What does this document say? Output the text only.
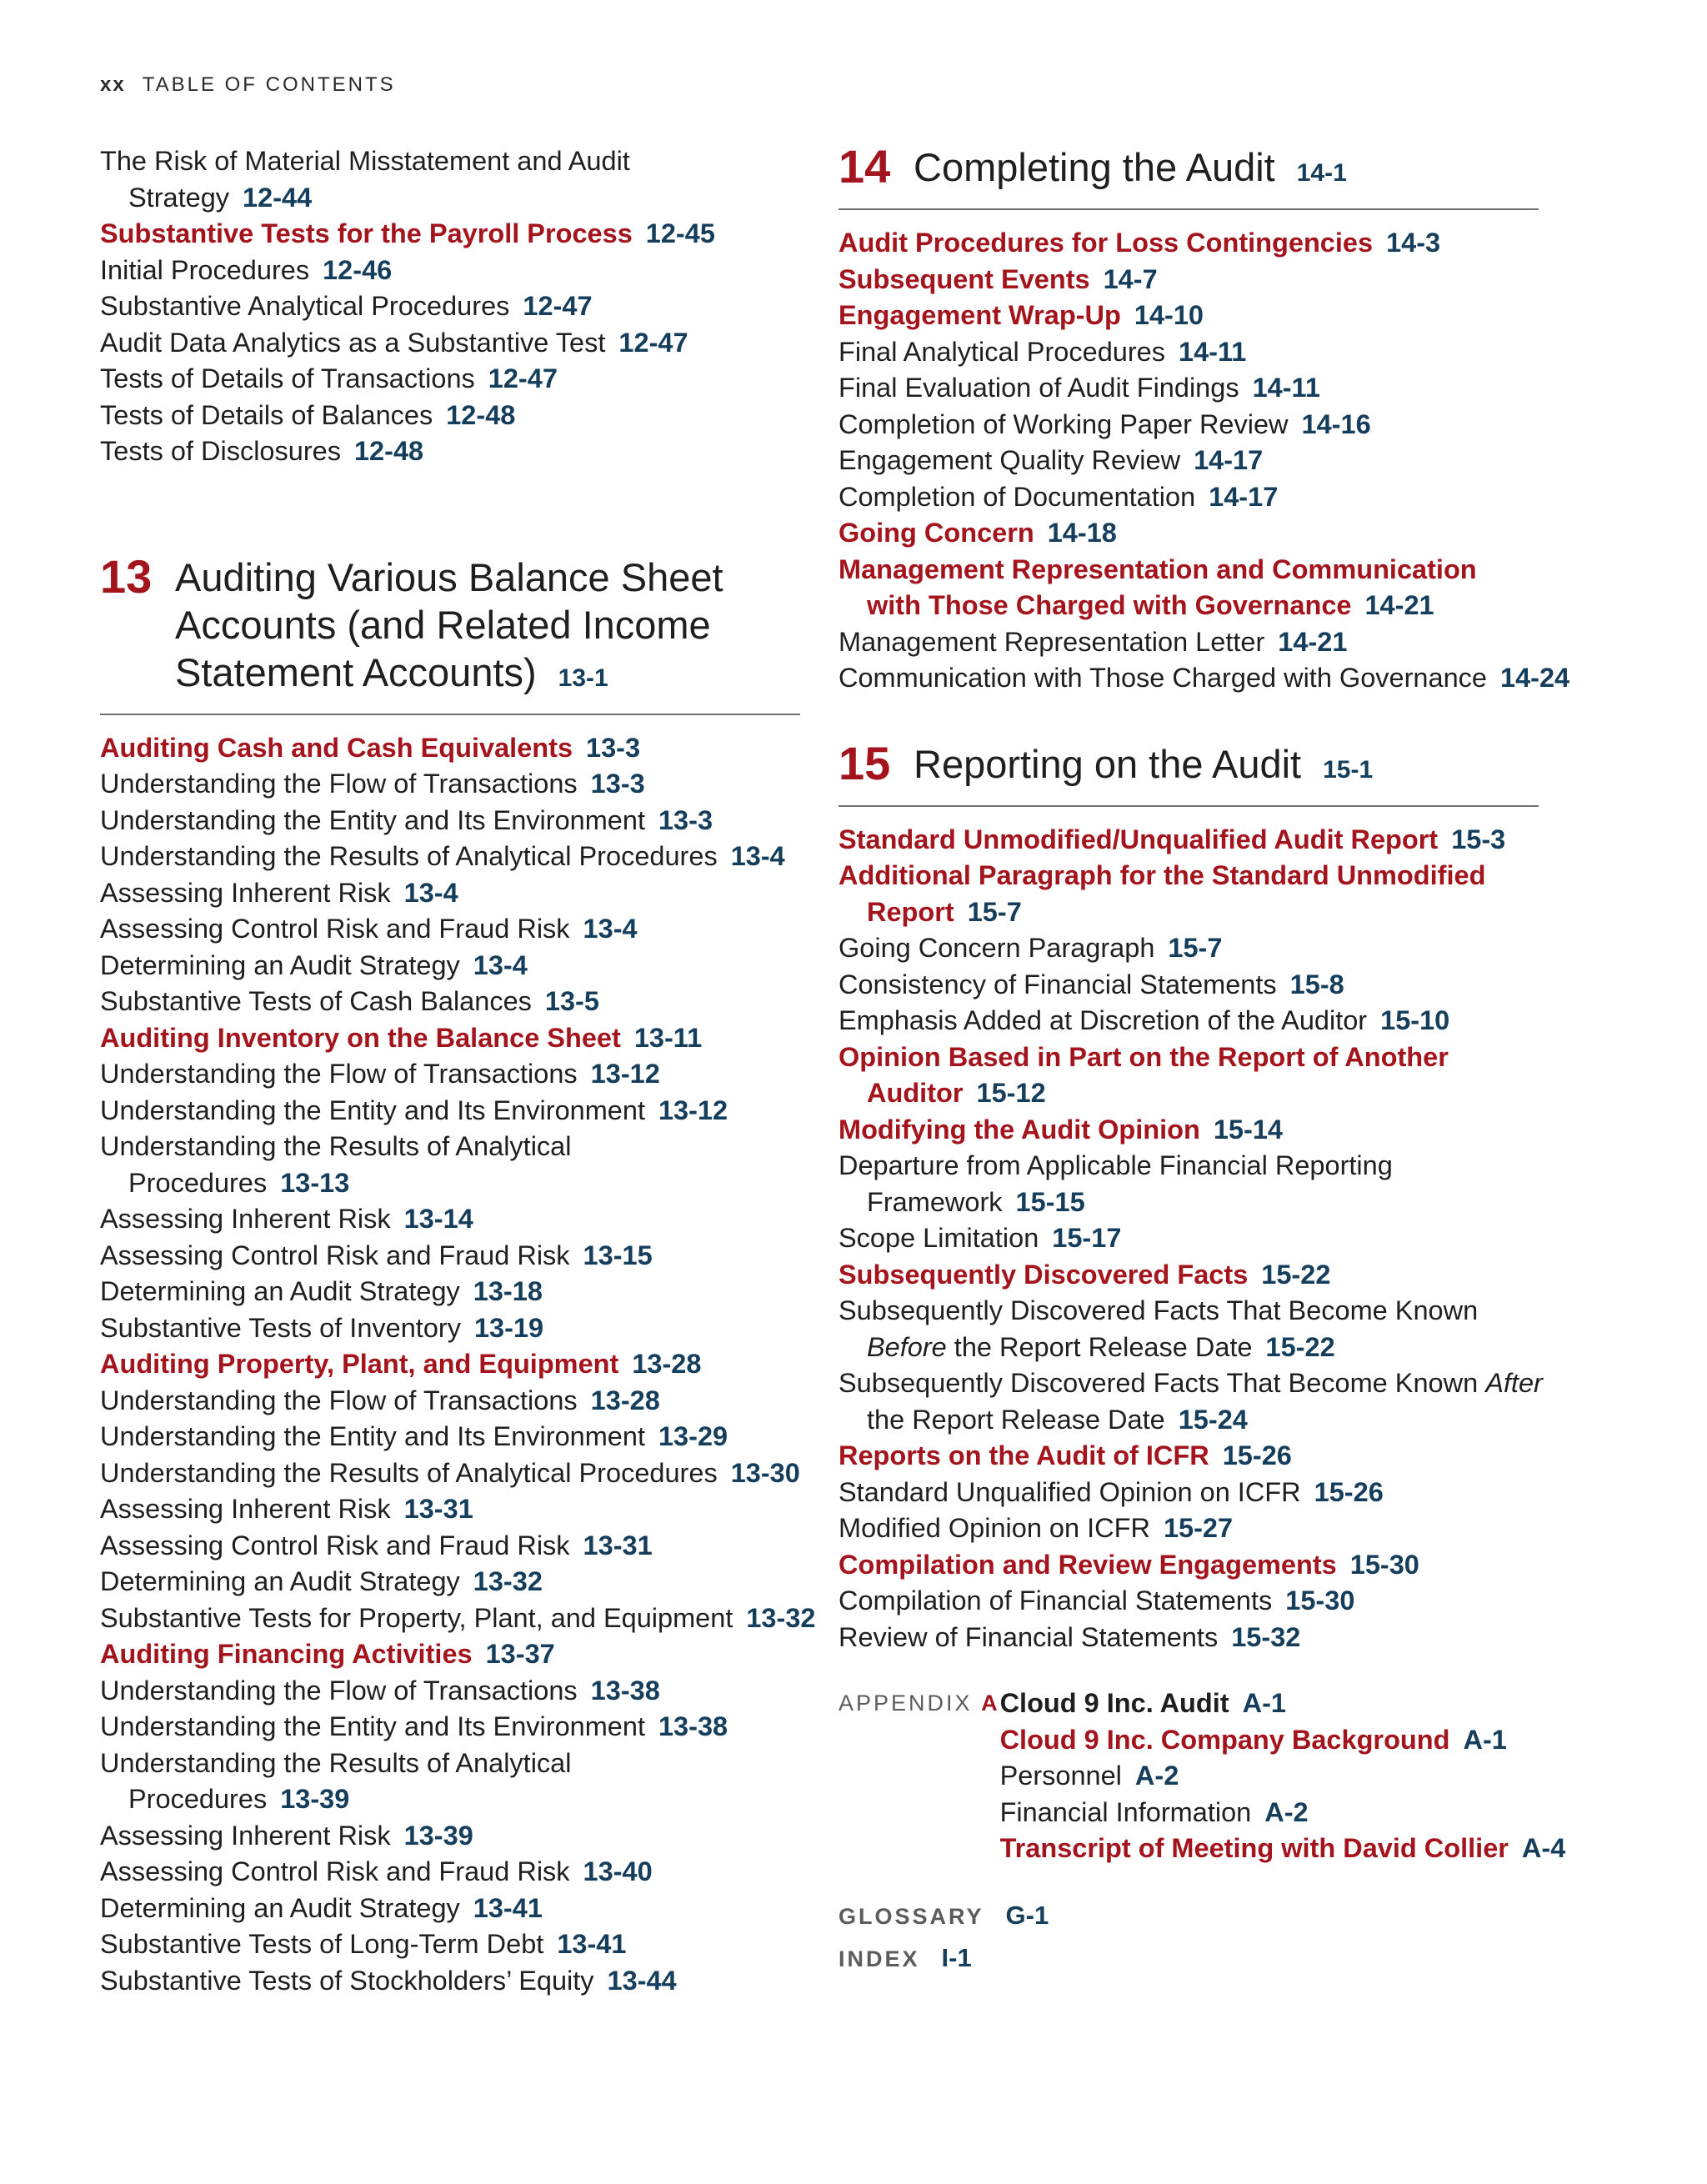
xx TABLE OF CONTENTS
The Risk of Material Misstatement and Audit
Strategy 12-44
Substantive Tests for the Payroll Process 12-45
Initial Procedures 12-46
Substantive Analytical Procedures 12-47
Audit Data Analytics as a Substantive Test 12-47
Tests of Details of Transactions 12-47
Tests of Details of Balances 12-48
Tests of Disclosures 12-48
13 Auditing Various Balance Sheet
Accounts (and Related Income
Statement Accounts) 13-1
Auditing Cash and Cash Equivalents 13-3
Understanding the Flow of Transactions 13-3
Understanding the Entity and Its Environment 13-3
Understanding the Results of Analytical Procedures 13-4
Assessing Inherent Risk 13-4
Assessing Control Risk and Fraud Risk 13-4
Determining an Audit Strategy 13-4
Substantive Tests of Cash Balances 13-5
Auditing Inventory on the Balance Sheet 13-11
Understanding the Flow of Transactions 13-12
Understanding the Entity and Its Environment 13-12
Understanding the Results of Analytical
Procedures 13-13
Assessing Inherent Risk 13-14
Assessing Control Risk and Fraud Risk 13-15
Determining an Audit Strategy 13-18
Substantive Tests of Inventory 13-19
Auditing Property, Plant, and Equipment 13-28
Understanding the Flow of Transactions 13-28
Understanding the Entity and Its Environment 13-29
Understanding the Results of Analytical Procedures 13-30
Assessing Inherent Risk 13-31
Assessing Control Risk and Fraud Risk 13-31
Determining an Audit Strategy 13-32
Substantive Tests for Property, Plant, and Equipment 13-32
Auditing Financing Activities 13-37
Understanding the Flow of Transactions 13-38
Understanding the Entity and Its Environment 13-38
Understanding the Results of Analytical
Procedures 13-39
Assessing Inherent Risk 13-39
Assessing Control Risk and Fraud Risk 13-40
Determining an Audit Strategy 13-41
Substantive Tests of Long-Term Debt 13-41
Substantive Tests of Stockholders’ Equity 13-44
14 Completing the Audit 14-1
Audit Procedures for Loss Contingencies 14-3
Subsequent Events 14-7
Engagement Wrap-Up 14-10
Final Analytical Procedures 14-11
Final Evaluation of Audit Findings 14-11
Completion of Working Paper Review 14-16
Engagement Quality Review 14-17
Completion of Documentation 14-17
Going Concern 14-18
Management Representation and Communication
with Those Charged with Governance 14-21
Management Representation Letter 14-21
Communication with Those Charged with Governance 14-24
15 Reporting on the Audit 15-1
Standard Unmodified/Unqualified Audit Report 15-3
Additional Paragraph for the Standard Unmodified
Report 15-7
Going Concern Paragraph 15-7
Consistency of Financial Statements 15-8
Emphasis Added at Discretion of the Auditor 15-10
Opinion Based in Part on the Report of Another
Auditor 15-12
Modifying the Audit Opinion 15-14
Departure from Applicable Financial Reporting
Framework 15-15
Scope Limitation 15-17
Subsequently Discovered Facts 15-22
Subsequently Discovered Facts That Become Known
Before the Report Release Date 15-22
Subsequently Discovered Facts That Become Known After
the Report Release Date 15-24
Reports on the Audit of ICFR 15-26
Standard Unqualified Opinion on ICFR 15-26
Modified Opinion on ICFR 15-27
Compilation and Review Engagements 15-30
Compilation of Financial Statements 15-30
Review of Financial Statements 15-32
APPENDIX A Cloud 9 Inc. Audit A-1
Cloud 9 Inc. Company Background A-1
Personnel A-2
Financial Information A-2
Transcript of Meeting with David Collier A-4
GLOSSARY G-1
INDEX I-1
